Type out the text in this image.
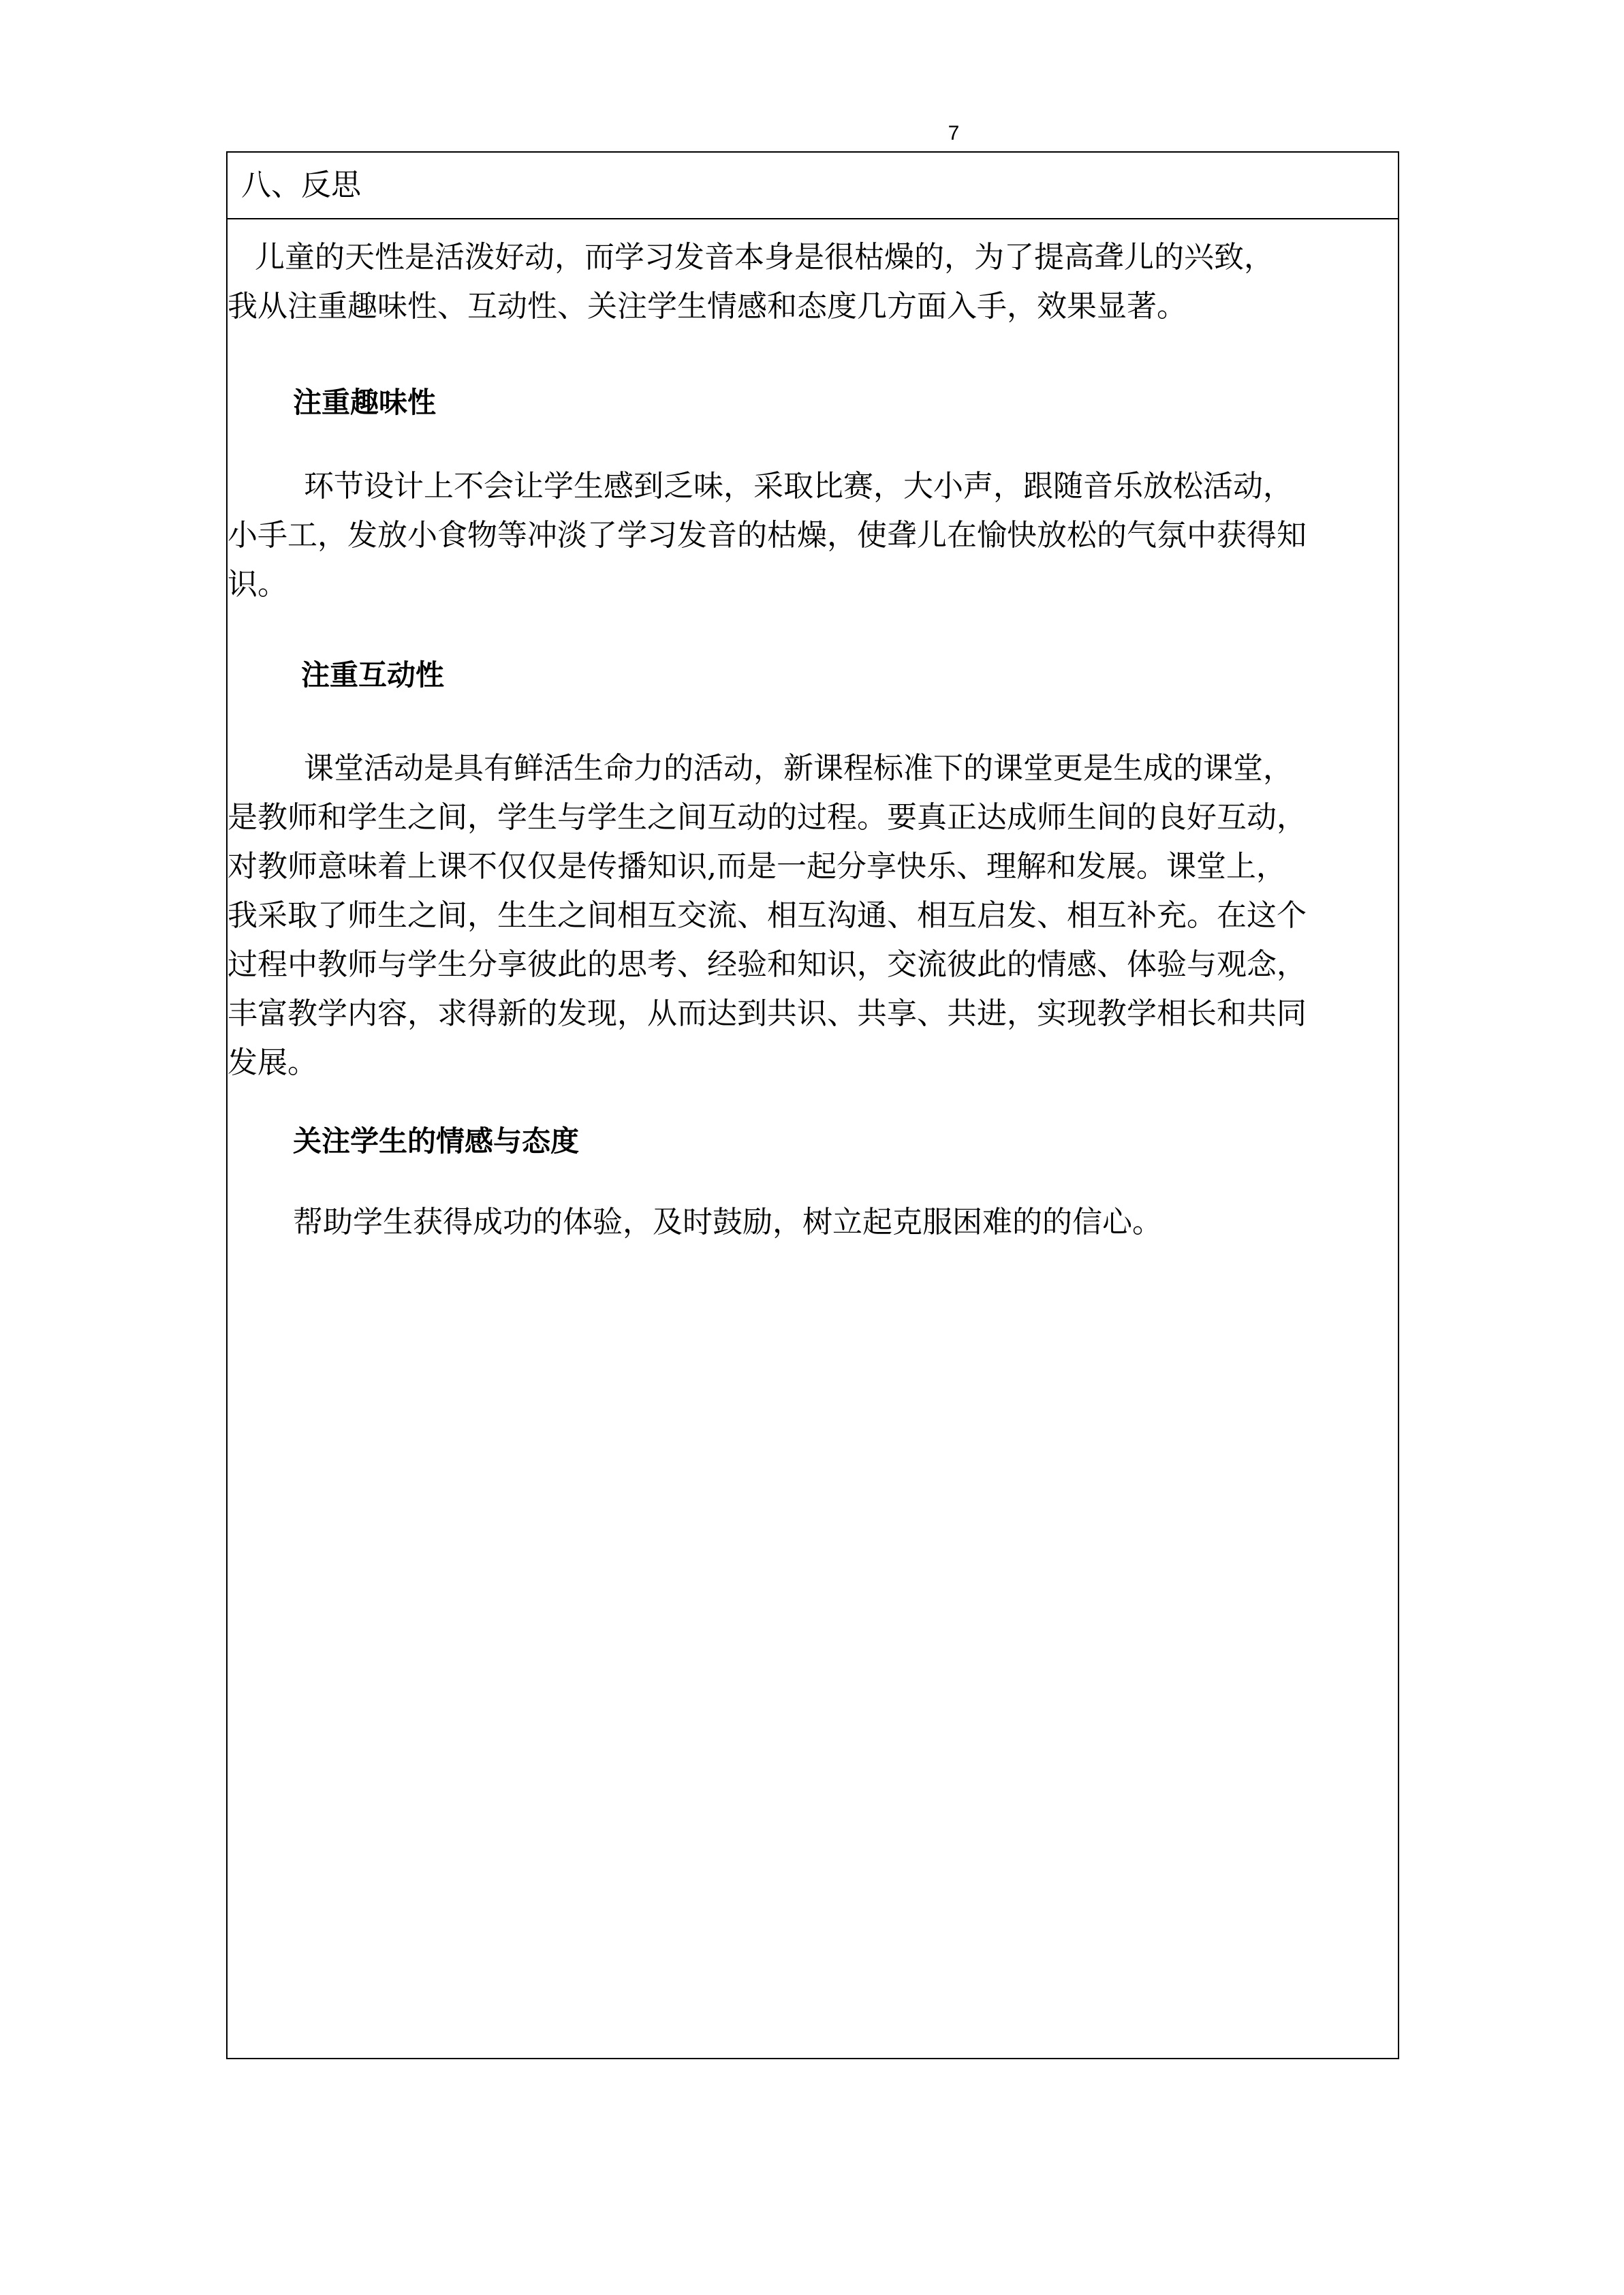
7
八、反思
儿童的天性是活泼好动，而学习发音本身是很枯燥的，为了提高聋儿的兴致，
我从注重趣味性、互动性、关注学生情感和态度几方面入手，效果显著。
注重趣味性
环节设计上不会让学生感到乏味，采取比赛，大小声，跟随音乐放松活动，
小手工，发放小食物等冲淡了学习发音的枯燥，使聋儿在愉快放松的气氛中获得知
识。
注重互动性
课堂活动是具有鲜活生命力的活动，新课程标准下的课堂更是生成的课堂，
是教师和学生之间，学生与学生之间互动的过程。要真正达成师生间的良好互动，
对教师意味着上课不仅仅是传播知识,而是一起分享快乐、理解和发展。课堂上，
我采取了师生之间，生生之间相互交流、相互沟通、相互启发、相互补充。在这个
过程中教师与学生分享彼此的思考、经验和知识，交流彼此的情感、体验与观念，
丰富教学内容，求得新的发现，从而达到共识、共享、共进，实现教学相长和共同
发展。
关注学生的情感与态度
帮助学生获得成功的体验，及时鼓励，树立起克服困难的的信心。
